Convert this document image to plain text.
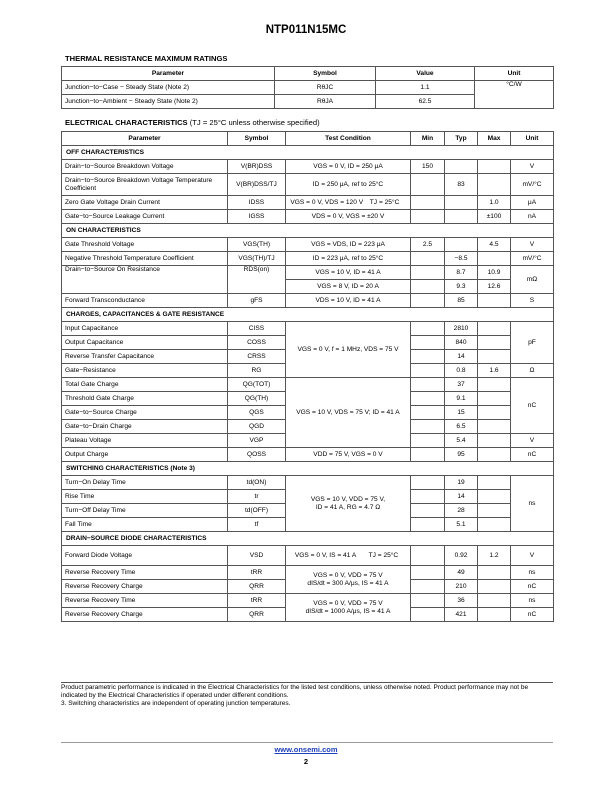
NTP011N15MC
THERMAL RESISTANCE MAXIMUM RATINGS
Parameter	Symbol	Value	Unit
Junction−to−Case − Steady State (Note 2)	RθJC	1.1	°C/W
Junction−to−Ambient − Steady State (Note 2)	RθJA	62.5	
ELECTRICAL CHARACTERISTICS (TJ = 25°C unless otherwise specified)
Parameter	Symbol	Test Condition	Min	Typ	Max	Unit
OFF CHARACTERISTICS						
Drain−to−Source Breakdown Voltage	V(BR)DSS	VGS = 0 V, ID = 250 μA	150			V
Drain−to−Source Breakdown Voltage Temperature Coefficient	V(BR)DSS/TJ	ID = 250 μA, ref to 25°C		83		mV/°C
Zero Gate Voltage Drain Current	IDSS	VGS = 0 V, VDS = 120 V TJ = 25°C			1.0	μA
Gate−to−Source Leakage Current	IGSS	VDS = 0 V, VGS = ±20 V			±100	nA
ON CHARACTERISTICS						
Gate Threshold Voltage	VGS(TH)	VGS = VDS, ID = 223 μA	2.5		4.5	V
Negative Threshold Temperature Coefficient	VGS(TH)/TJ	ID = 223 μA, ref to 25°C		−8.5		mV/°C
Drain−to−Source On Resistance	RDS(on)	VGS = 10 V, ID = 41 A		8.7	10.9	mΩ
		VGS = 8 V, ID = 20 A		9.3	12.6	
Forward Transconductance	gFS	VDS = 10 V, ID = 41 A		85		S
CHARGES, CAPACITANCES & GATE RESISTANCE						
Input Capacitance	CISS	VGS = 0 V, f = 1 MHz, VDS = 75 V		2810		pF
Output Capacitance	COSS			840		
Reverse Transfer Capacitance	CRSS			14		
Gate−Resistance	RG			0.8	1.6	Ω
Total Gate Charge	QG(TOT)	VGS = 10 V, VDS = 75 V; ID = 41 A		37		nC
Threshold Gate Charge	QG(TH)			9.1		
Gate−to−Source Charge	QGS			15		
Gate−to−Drain Charge	QGD			6.5		
Plateau Voltage	VGP			5.4		V
Output Charge	QOSS	VDD = 75 V, VGS = 0 V		95		nC
SWITCHING CHARACTERISTICS (Note 3)						
Turn−On Delay Time	td(ON)	VGS = 10 V, VDD = 75 V,
ID = 41 A, RG = 4.7 Ω		19		ns
Rise Time	tr			14		
Turn−Off Delay Time	td(OFF)			28		
Fall Time	tf			5.1		
DRAIN−SOURCE DIODE CHARACTERISTICS						
Forward Diode Voltage	VSD	VGS = 0 V, IS = 41 A TJ = 25°C		0.92	1.2	V
Reverse Recovery Time	tRR	VGS = 0 V, VDD = 75 V
dIS/dt = 300 A/μs, IS = 41 A		49		ns
Reverse Recovery Charge	QRR			210		nC
Reverse Recovery Time	tRR	VGS = 0 V, VDD = 75 V
dIS/dt = 1000 A/μs, IS = 41 A		36		ns
Reverse Recovery Charge	QRR			421		nC
Product parametric performance is indicated in the Electrical Characteristics for the listed test conditions, unless otherwise noted. Product performance may not be indicated by the Electrical Characteristics if operated under different conditions.
3. Switching characteristics are independent of operating junction temperatures.
www.onsemi.com
2
